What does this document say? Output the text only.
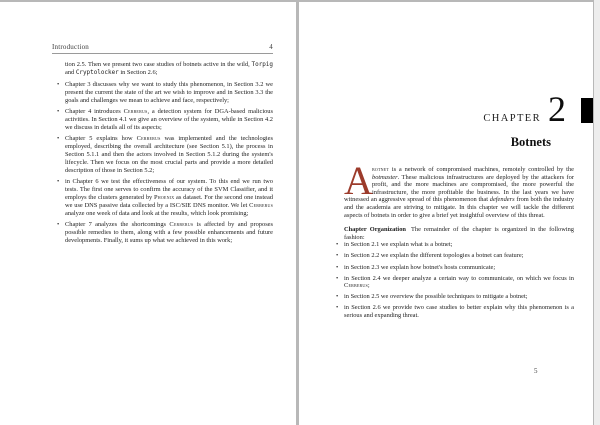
Introduction	4

tion 2.5. Then we present two case studies of botnets active in the wild, Torpig and Cryptolocker in Section 2.6;

• Chapter 3 discusses why we want to study this phenomenon, in Section 3.2 we present the current the state of the art we wish to improve and in Section 3.3 the goals and challenges we mean to achieve and face, respectively;
• Chapter 4 introduces Cerberus, a detection system for DGA-based malicious activities. In Section 4.1 we give an overview of the system, while in Section 4.2 we discuss in details all of its aspects;
• Chapter 5 explains how Cerberus was implemented and the technologies employed, describing the overall architecture (see Section 5.1), the process in Section 5.1.1 and then the actors involved in Section 5.1.2 during the system's lifecycle. Then we focus on the most crucial parts and provide a more detailed description of those in Section 5.2;
• in Chapter 6 we test the effectiveness of our system. To this end we run two tests. The first one serves to confirm the accuracy of the SVM Classifier, and it employs the clusters generated by Phoenix as dataset. For the second one instead we use DNS passive data collected by a ISC/SIE DNS monitor. We let Cerberus analyze one week of data and look at the results, which look promising;
• Chapter 7 analyzes the shortcomings Cerberus is affected by and proposes possible remedies to them, along with a few possible enhancements and future developments. Finally, it sums up what we achieved in this work;
CHAPTER 2
Botnets

Abotnet is a network of compromised machines, remotely controlled by the botmaster. These malicious infrastructures are deployed by the attackers for profit, and the more machines are compromised, the more powerful the infrastructure, the more profitable the business. In the last years we have witnessed an aggressive spread of this phenomenon that defenders from both the industry and the academia are striving to mitigate. In this chapter we will tackle the different aspects of botnets in order to give a brief yet insightful overview of this threat.

Chapter Organization The remainder of the chapter is organized in the following fashion:

• in Section 2.1 we explain what is a botnet;
• in Section 2.2 we explain the different topologies a botnet can feature;
• in Section 2.3 we explain how botnet's hosts communicate;
• in Section 2.4 we deeper analyze a certain way to communicate, on which we focus in Cerberus;
• in Section 2.5 we overview the possible techniques to mitigate a botnet;
• in Section 2.6 we provide two case studies to better explain why this phenomenon is a serious and expanding threat.
5
